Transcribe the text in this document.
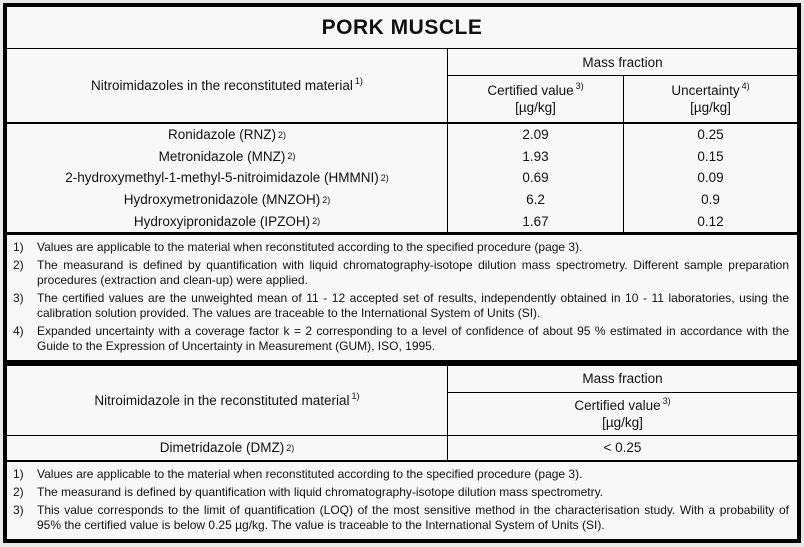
PORK MUSCLE
Nitroimidazoles in the reconstituted material $^{1)}$
Mass fraction
Certified value $^{3)}$
[µg/kg]
Uncertainty $^{4)}$
[µg/kg]
Ronidazole (RNZ) 2)	2.09	0.25
Metronidazole (MNZ) 2)	1.93	0.15
2-hydroxymethyl-1-methyl-5-nitroimidazole (HMMNI) 2)	0.69	0.09
Hydroxymetronidazole (MNZOH) 2)	6.2	0.9
Hydroxyipronidazole (IPZOH) 2)	1.67	0.12
1)	Values are applicable to the material when reconstituted according to the specified procedure (page 3).
2)	The measurand is defined by quantification with liquid chromatography-isotope dilution mass spectrometry. Different sample preparation procedures (extraction and clean-up) were applied.
3)	The certified values are the unweighted mean of 11 - 12 accepted set of results, independently obtained in 10 - 11 laboratories, using the calibration solution provided. The values are traceable to the International System of Units (SI).
4)	Expanded uncertainty with a coverage factor k = 2 corresponding to a level of confidence of about 95 % estimated in accordance with the Guide to the Expression of Uncertainty in Measurement (GUM), ISO, 1995.
Nitroimidazole in the reconstituted material $^{1)}$
Mass fraction
Certified value $^{3)}$
[µg/kg]
Dimetridazole (DMZ) 2)	< 0.25
1)	Values are applicable to the material when reconstituted according to the specified procedure (page 3).
2)	The measurand is defined by quantification with liquid chromatography-isotope dilution mass spectrometry.
3)	This value corresponds to the limit of quantification (LOQ) of the most sensitive method in the characterisation study. With a probability of 95% the certified value is below 0.25 µg/kg. The value is traceable to the International System of Units (SI).
